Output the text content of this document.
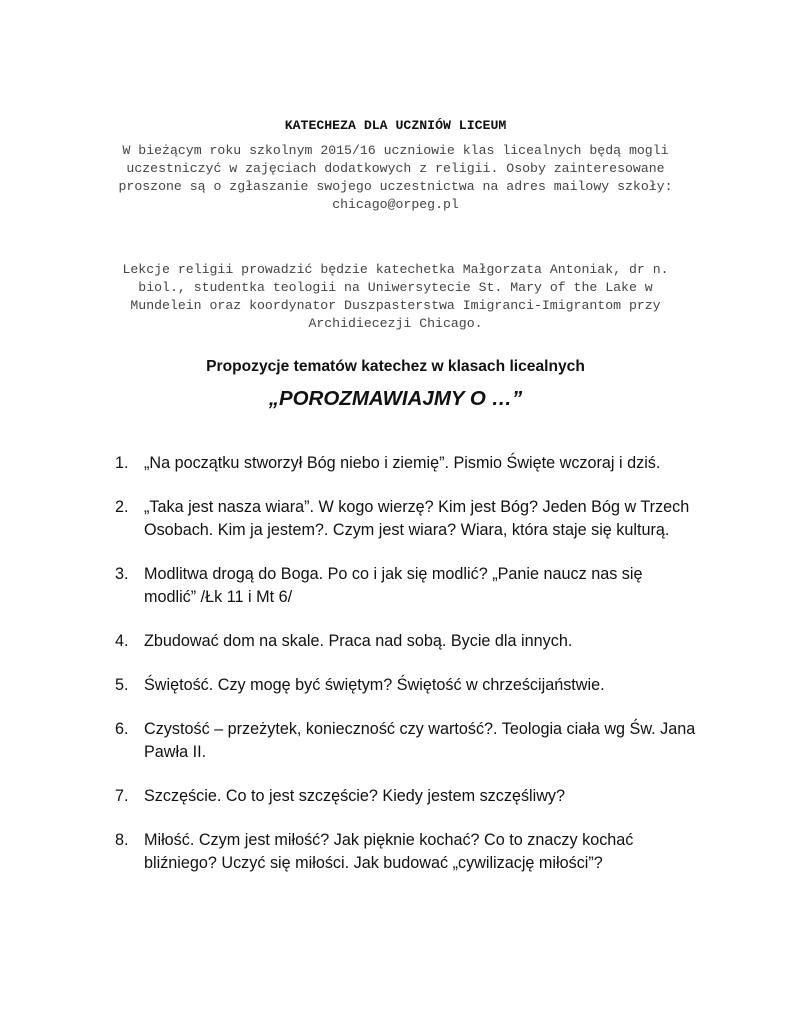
KATECHEZA DLA UCZNIÓW LICEUM
W bieżącym roku szkolnym 2015/16 uczniowie klas licealnych będą mogli
uczestniczyć w zajęciach dodatkowych z religii. Osoby zainteresowane
proszone są o zgłaszanie swojego uczestnictwa na adres mailowy szkoły:
chicago@orpeg.pl
Lekcje religii prowadzić będzie katechetka Małgorzata Antoniak, dr n.
biol., studentka teologii na Uniwersytecie St. Mary of the Lake w
Mundelein oraz koordynator Duszpasterstwa Imigranci-Imigrantom przy
Archidiecezji Chicago.
Propozycje tematów katechez w klasach licealnych
„POROZMAWIAJMY O …”
1. „Na początku stworzył Bóg niebo i ziemię”. Pismio Święte wczoraj i dziś.
2. „Taka jest nasza wiara”. W kogo wierzę? Kim jest Bóg? Jeden Bóg w Trzech
Osobach. Kim ja jestem?. Czym jest wiara? Wiara, która staje się kulturą.
3. Modlitwa drogą do Boga. Po co i jak się modlić? „Panie naucz nas się
modlić” /Łk 11 i Mt 6/
4. Zbudować dom na skale. Praca nad sobą. Bycie dla innych.
5. Świętość. Czy mogę być świętym? Świętość w chrześcijaństwie.
6. Czystość – przeżytek, konieczność czy wartość?. Teologia ciała wg Św. Jana
Pawła II.
7. Szczęście. Co to jest szczęście? Kiedy jestem szczęśliwy?
8. Miłość. Czym jest miłość? Jak pięknie kochać? Co to znaczy kochać
bliźniego? Uczyć się miłości. Jak budować „cywilizację miłości”?
